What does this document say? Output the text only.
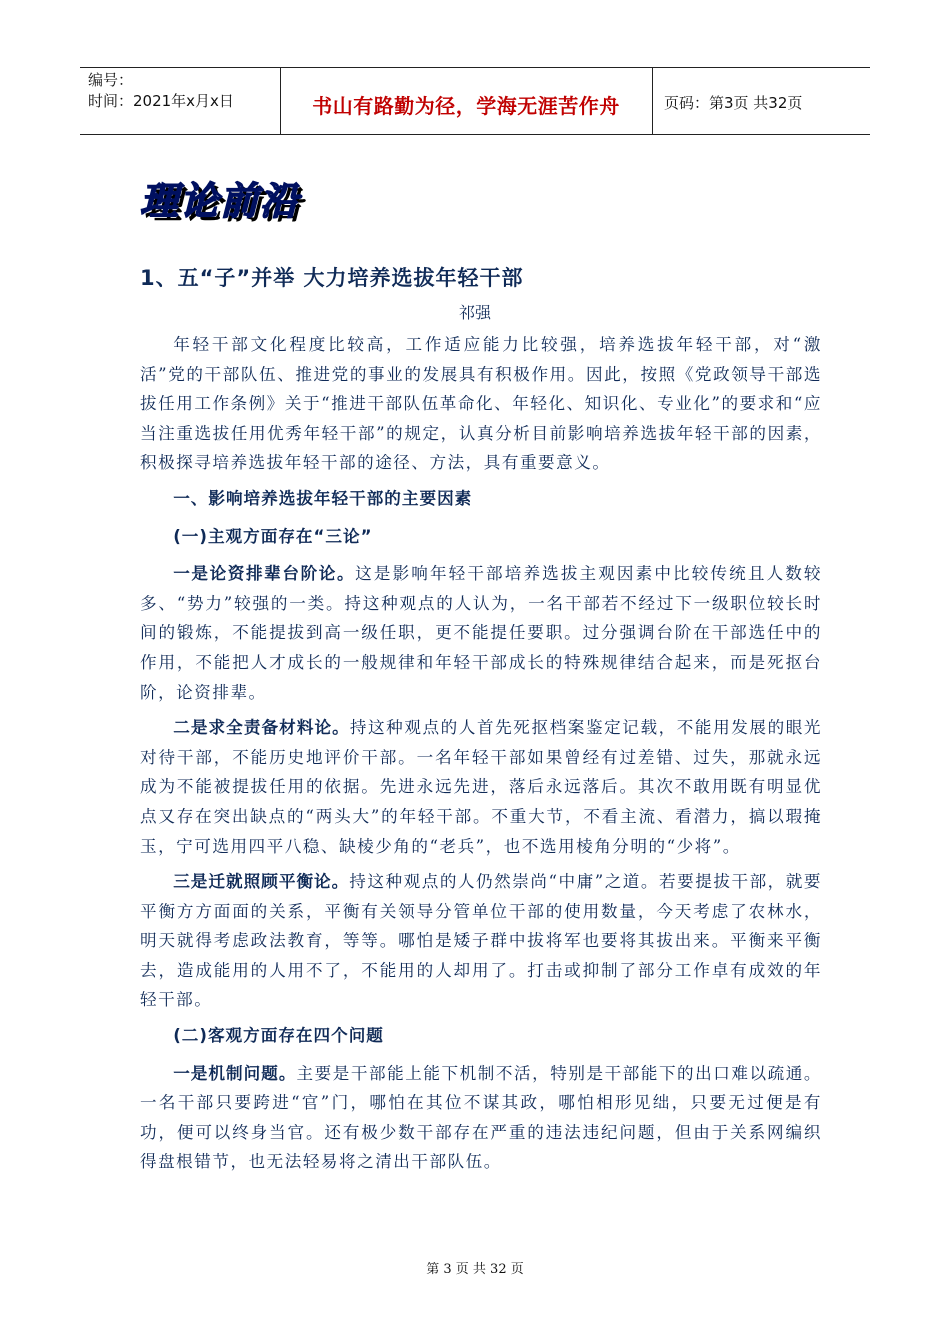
编号：
时间：2021年x月x日	书山有路勤为径，学海无涯苦作舟	页码：第3页 共32页
理论前沿
1、五“子”并举 大力培养选拔年轻干部
祁强

年轻干部文化程度比较高，工作适应能力比较强，培养选拔年轻干部，对“激活”党的干部队伍、推进党的事业的发展具有积极作用。因此，按照《党政领导干部选拔任用工作条例》关于“推进干部队伍革命化、年轻化、知识化、专业化”的要求和“应当注重选拔任用优秀年轻干部”的规定，认真分析目前影响培养选拔年轻干部的因素，积极探寻培养选拔年轻干部的途径、方法，具有重要意义。

一、影响培养选拔年轻干部的主要因素

(一)主观方面存在“三论”

一是论资排辈台阶论。这是影响年轻干部培养选拔主观因素中比较传统且人数较多、“势力”较强的一类。持这种观点的人认为，一名干部若不经过下一级职位较长时间的锻炼，不能提拔到高一级任职，更不能提任要职。过分强调台阶在干部选任中的作用，不能把人才成长的一般规律和年轻干部成长的特殊规律结合起来，而是死抠台阶，论资排辈。

二是求全责备材料论。持这种观点的人首先死抠档案鉴定记载，不能用发展的眼光对待干部，不能历史地评价干部。一名年轻干部如果曾经有过差错、过失，那就永远成为不能被提拔任用的依据。先进永远先进，落后永远落后。其次不敢用既有明显优点又存在突出缺点的“两头大”的年轻干部。不重大节，不看主流、看潜力，搞以瑕掩玉，宁可选用四平八稳、缺棱少角的“老兵”，也不选用棱角分明的“少将”。

三是迁就照顾平衡论。持这种观点的人仍然崇尚“中庸”之道。若要提拔干部，就要平衡方方面面的关系，平衡有关领导分管单位干部的使用数量，今天考虑了农林水，明天就得考虑政法教育，等等。哪怕是矮子群中拔将军也要将其拔出来。平衡来平衡去，造成能用的人用不了，不能用的人却用了。打击或抑制了部分工作卓有成效的年轻干部。

(二)客观方面存在四个问题

一是机制问题。主要是干部能上能下机制不活，特别是干部能下的出口难以疏通。一名干部只要跨进“官”门，哪怕在其位不谋其政，哪怕相形见绌，只要无过便是有功，便可以终身当官。还有极少数干部存在严重的违法违纪问题，但由于关系网编织得盘根错节，也无法轻易将之清出干部队伍。

第 3 页 共 32 页
